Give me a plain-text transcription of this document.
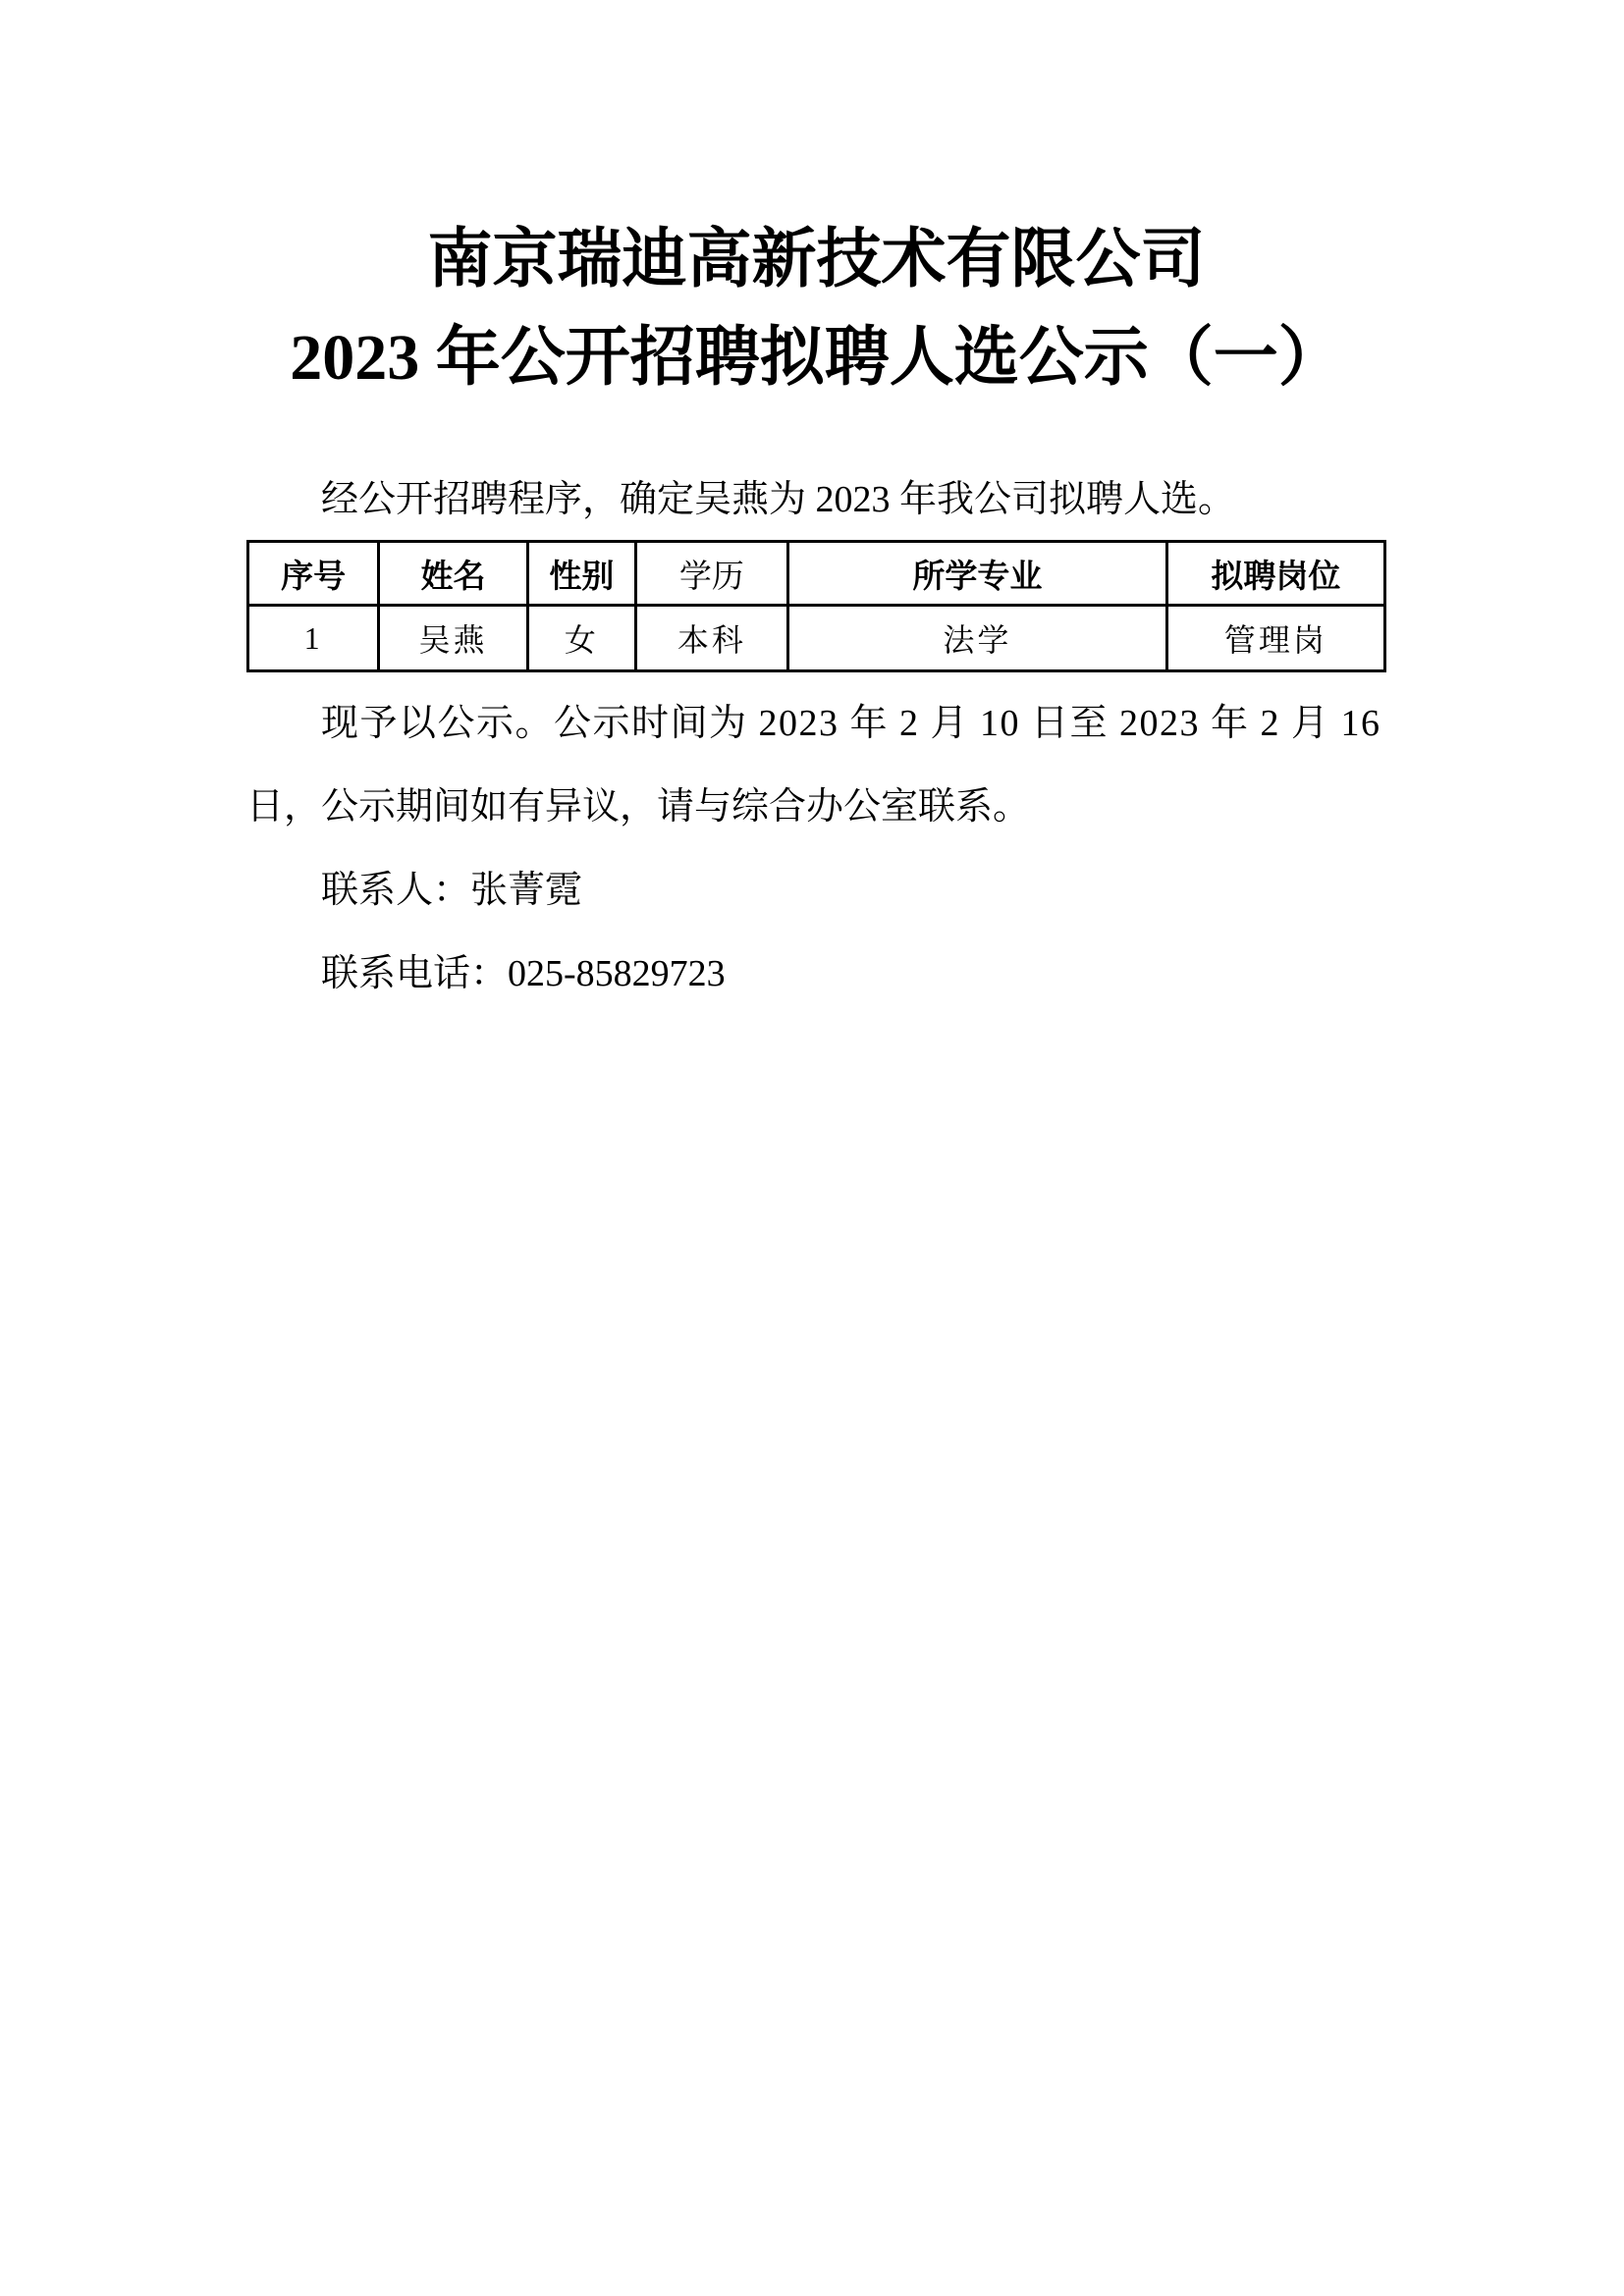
南京瑞迪高新技术有限公司
2023 年公开招聘拟聘人选公示（一）
经公开招聘程序，确定吴燕为 2023 年我公司拟聘人选。
序号	姓名	性别	学历	所学专业	拟聘岗位
1	吴燕	女	本科	法学	管理岗
现予以公示。公示时间为 2023 年 2 月 10 日至 2023 年 2 月 16
日，公示期间如有异议，请与综合办公室联系。
联系人：张菁霓
联系电话：025-85829723
